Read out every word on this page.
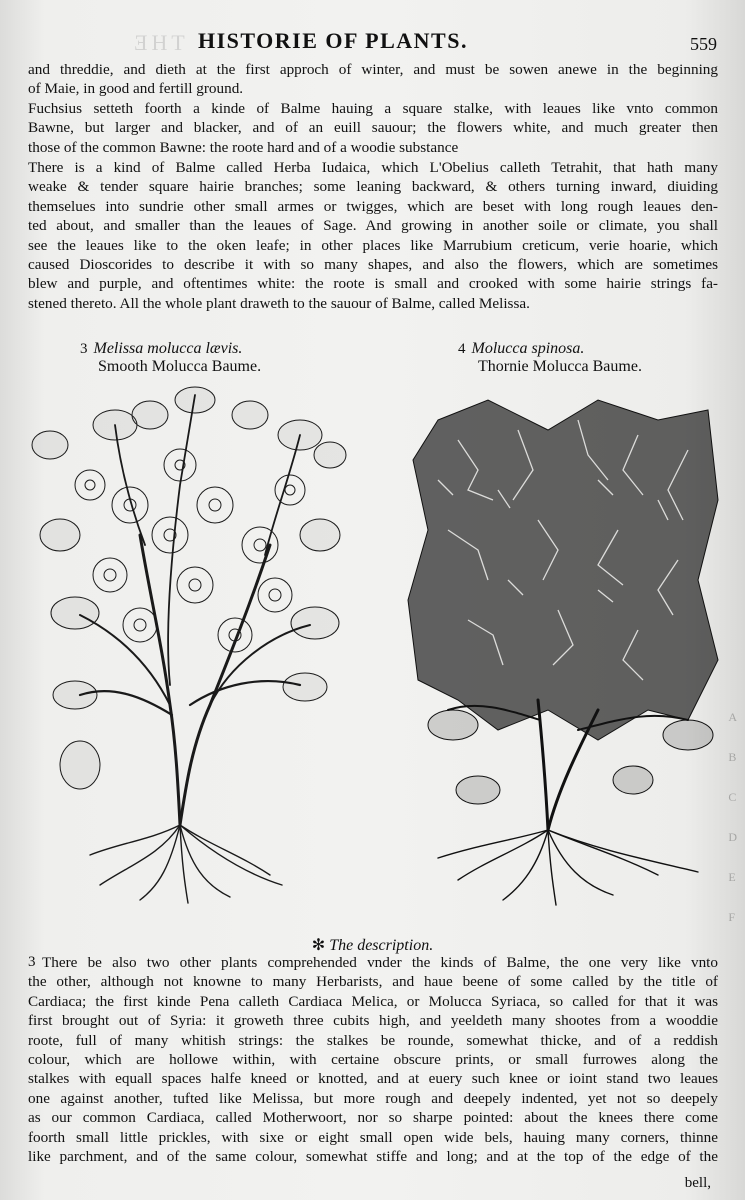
THE HISTORIE OF PLANTS.	559

and threddie, and dieth at the first approch of winter, and must be sowen anewe in the beginning

of Maie, in good and fertill ground.

Fuchsius setteth foorth a kinde of Balme hauing a square stalke, with leaues like vnto common

Bawne, but larger and blacker, and of an euill sauour; the flowers white, and much greater then

those of the common Bawne: the roote hard and of a woodie substance

There is a kind of Balme called Herba Iudaica, which L'Obelius calleth Tetrahit, that hath many

weake & tender square hairie branches; some leaning backward, & others turning inward, diuiding

themselues into sundrie other small armes or twigges, which are beset with long rough leaues den-

ted about, and smaller than the leaues of Sage. And growing in another soile or climate, you shall

see the leaues like to the oken leafe; in other places like Marrubium creticum, verie hoarie, which

caused Dioscorides to describe it with so many shapes, and also the flowers, which are sometimes

blew and purple, and oftentimes white: the roote is small and crooked with some hairie strings fa-

stened thereto. All the whole plant draweth to the sauour of Balme, called Melissa.

3 Melissa molucca lævis.
Smooth Molucca Baume.
4 Molucca spinosa.
Thornie Molucca Baume.
A
B
C
D
E
F
✻ The description.
3 There be also two other plants comprehended vnder the kinds of Balme, the one very like vnto

the other, although not knowne to many Herbarists, and haue beene of some called by the title of

Cardiaca; the first kinde Pena calleth Cardiaca Melica, or Molucca Syriaca, so called for that it was

first brought out of Syria: it groweth three cubits high, and yeeldeth many shootes from a wooddie

roote, full of many whitish strings: the stalkes be rounde, somewhat thicke, and of a reddish

colour, which are hollowe within, with certaine obscure prints, or small furrowes along the

stalkes with equall spaces halfe kneed or knotted, and at euery such knee or ioint stand two leaues

one against another, tufted like Melissa, but more rough and deepely indented, yet not so deepely

as our common Cardiaca, called Motherwoort, nor so sharpe pointed: about the knees there come

foorth small little prickles, with sixe or eight small open wide bels, hauing many corners, thinne

like parchment, and of the same colour, somewhat stiffe and long; and at the top of the edge of the

bell,
